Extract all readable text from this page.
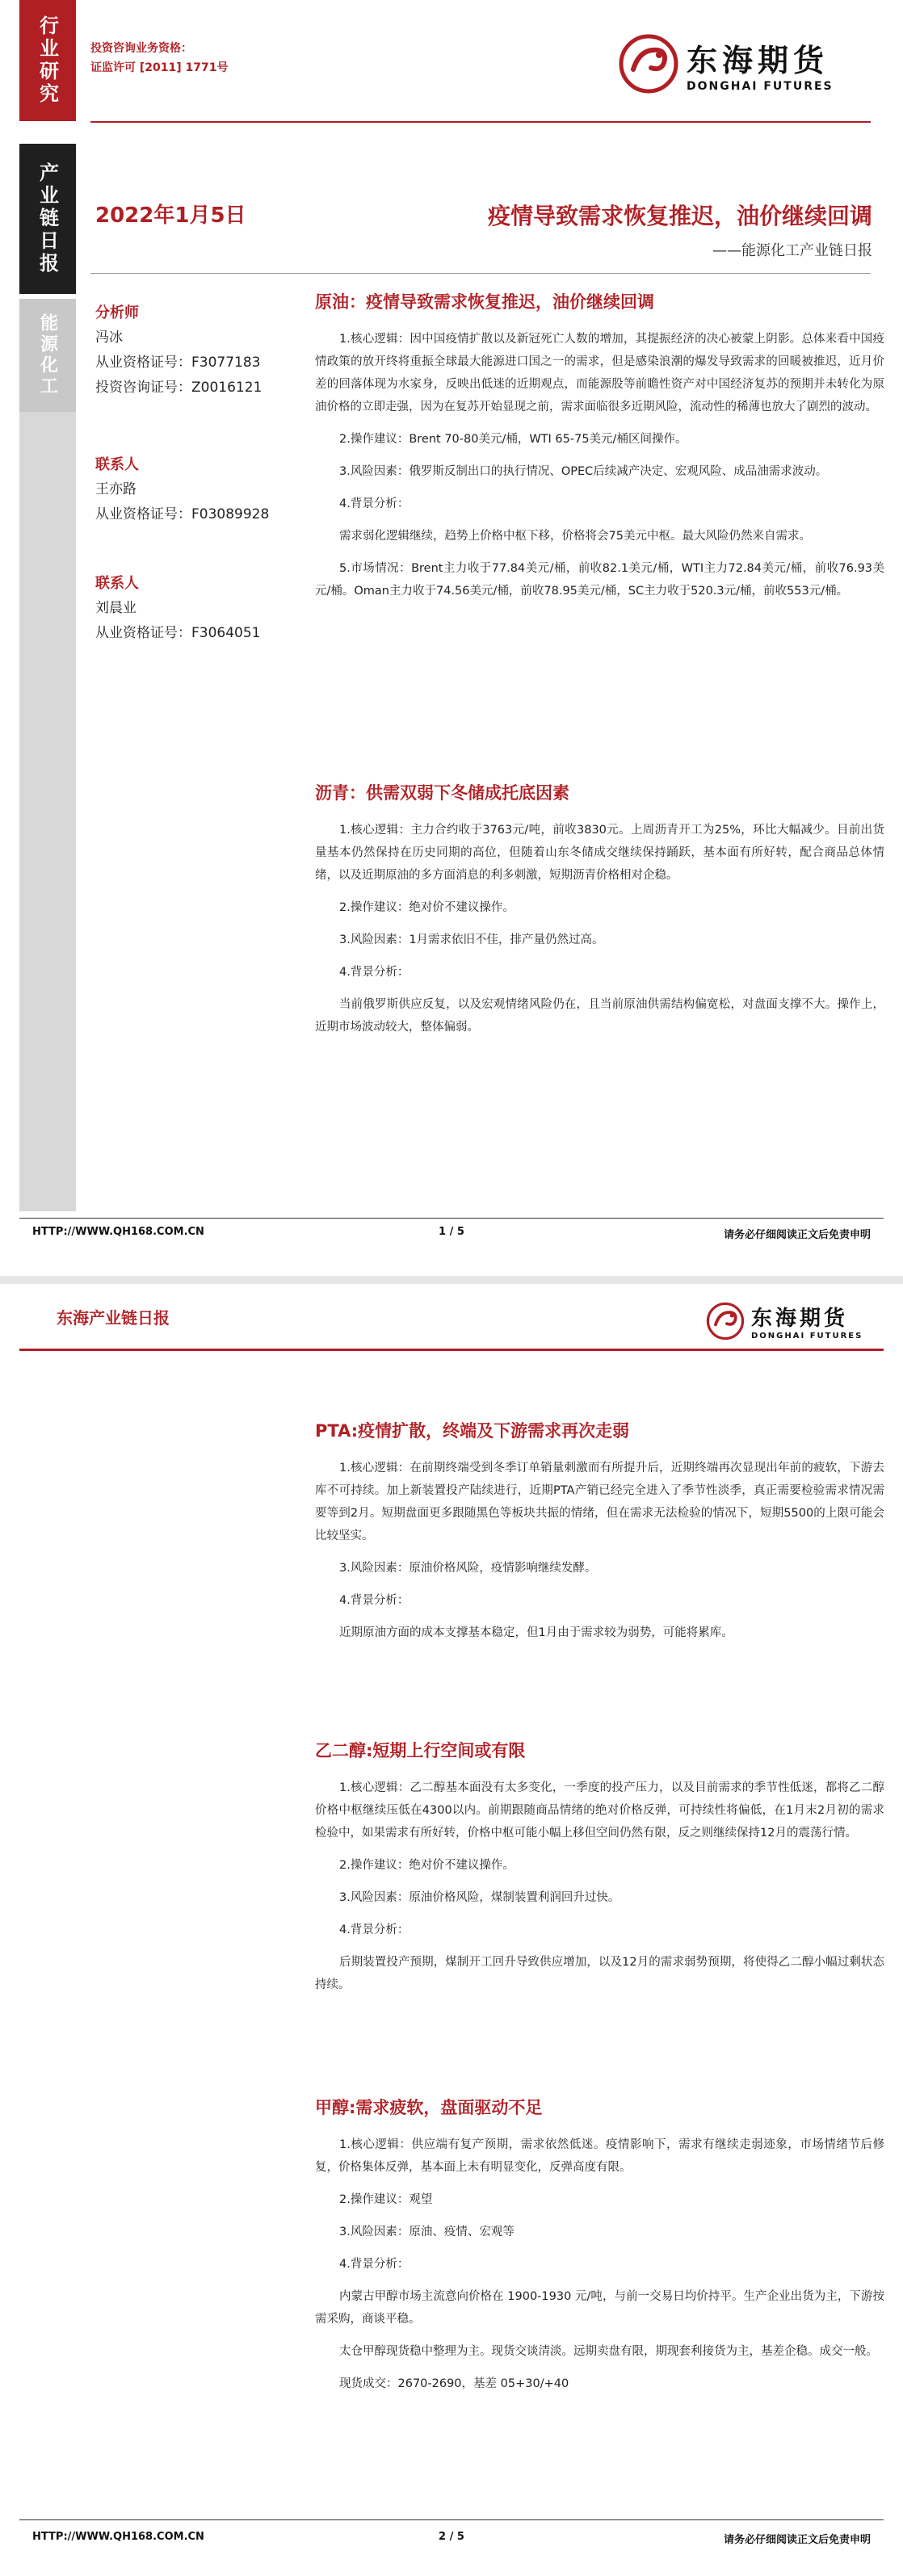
行业研究
产业链日报
能源化工
投资咨询业务资格：
证监许可 [2011] 1771号	东海期货
DONGHAI FUTURES
2022年1月5日	疫情导致需求恢复推迟，油价继续回调
——能源化工产业链日报
分析师
冯冰
从业资格证号：F3077183
投资咨询证号：Z0016121
联系人
王亦路
从业资格证号：F03089928
联系人
刘晨业
从业资格证号：F3064051
原油：疫情导致需求恢复推迟，油价继续回调

1.核心逻辑：因中国疫情扩散以及新冠死亡人数的增加，其提振经济的决心被蒙上阴影。总体来看中国疫情政策的放开终将重振全球最大能源进口国之一的需求，但是感染浪潮的爆发导致需求的回暖被推迟，近月价差的回落体现为水家身，反映出低迷的近期观点，而能源股等前瞻性资产对中国经济复苏的预期并未转化为原油价格的立即走强，因为在复苏开始显现之前，需求面临很多近期风险，流动性的稀薄也放大了剧烈的波动。

2.操作建议：Brent 70-80美元/桶，WTI 65-75美元/桶区间操作。

3.风险因素：俄罗斯反制出口的执行情况、OPEC后续减产决定、宏观风险、成品油需求波动。

4.背景分析：

需求弱化逻辑继续，趋势上价格中枢下移，价格将会75美元中枢。最大风险仍然来自需求。

5.市场情况：Brent主力收于77.84美元/桶，前收82.1美元/桶，WTI主力72.84美元/桶，前收76.93美元/桶。Oman主力收于74.56美元/桶，前收78.95美元/桶，SC主力收于520.3元/桶，前收553元/桶。

沥青：供需双弱下冬储成托底因素

1.核心逻辑：主力合约收于3763元/吨，前收3830元。上周沥青开工为25%，环比大幅减少。目前出货量基本仍然保持在历史同期的高位，但随着山东冬储成交继续保持踊跃，基本面有所好转，配合商品总体情绪，以及近期原油的多方面消息的利多刺激，短期沥青价格相对企稳。

2.操作建议：绝对价不建议操作。

3.风险因素：1月需求依旧不佳，排产量仍然过高。

4.背景分析：

当前俄罗斯供应反复，以及宏观情绪风险仍在，且当前原油供需结构偏宽松，对盘面支撑不大。操作上，近期市场波动较大，整体偏弱。

HTTP://WWW.QH168.COM.CN	1 / 5	请务必仔细阅读正文后免责申明
东海产业链日报	东海期货
DONGHAI FUTURES
PTA:疫情扩散，终端及下游需求再次走弱

1.核心逻辑：在前期终端受到冬季订单销量刺激而有所提升后，近期终端再次显现出年前的疲软，下游去库不可持续。加上新装置投产陆续进行，近期PTA产销已经完全进入了季节性淡季，真正需要检验需求情况需要等到2月。短期盘面更多跟随黑色等板块共振的情绪，但在需求无法检验的情况下，短期5500的上限可能会比较坚实。

3.风险因素：原油价格风险，疫情影响继续发酵。

4.背景分析：

近期原油方面的成本支撑基本稳定，但1月由于需求较为弱势，可能将累库。

乙二醇:短期上行空间或有限

1.核心逻辑：乙二醇基本面没有太多变化，一季度的投产压力，以及目前需求的季节性低迷，都将乙二醇价格中枢继续压低在4300以内。前期跟随商品情绪的绝对价格反弹，可持续性将偏低，在1月末2月初的需求检验中，如果需求有所好转，价格中枢可能小幅上移但空间仍然有限，反之则继续保持12月的震荡行情。

2.操作建议：绝对价不建议操作。

3.风险因素：原油价格风险，煤制装置利润回升过快。

4.背景分析：

后期装置投产预期，煤制开工回升导致供应增加，以及12月的需求弱势预期，将使得乙二醇小幅过剩状态持续。

甲醇:需求疲软，盘面驱动不足

1.核心逻辑：供应端有复产预期，需求依然低迷。疫情影响下，需求有继续走弱迹象，市场情绪节后修复，价格集体反弹，基本面上未有明显变化，反弹高度有限。

2.操作建议：观望

3.风险因素：原油、疫情、宏观等

4.背景分析：

内蒙古甲醇市场主流意向价格在 1900-1930 元/吨，与前一交易日均价持平。生产企业出货为主，下游按需采购，商谈平稳。

太仓甲醇现货稳中整理为主。现货交谈清淡。远期卖盘有限，期现套利接货为主，基差企稳。成交一般。

现货成交：2670-2690，基差 05+30/+40

HTTP://WWW.QH168.COM.CN	2 / 5	请务必仔细阅读正文后免责申明
